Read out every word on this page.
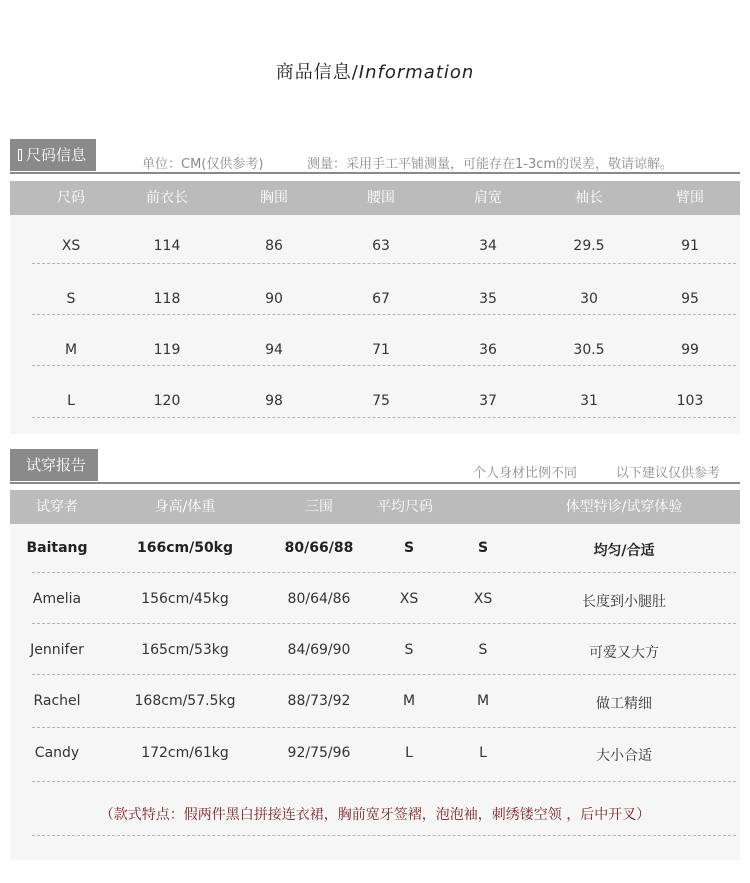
商品信息/Information
尺码信息
单位：CM(仅供参考)	测量：采用手工平铺测量，可能存在1-3cm的误差，敬请谅解。
尺码	前衣长	胸围	腰围	肩宽	袖长	臂围
XS	114	86	63	34	29.5	91
S	118	90	67	35	30	95
M	119	94	71	36	30.5	99
L	120	98	75	37	31	103
试穿报告	个人身材比例不同	以下建议仅供参考
试穿者	身高/体重	三围	平均尺码	体型特诊/试穿体验
Baitang	166cm/50kg	80/66/88	S	S	均匀/合适
Amelia	156cm/45kg	80/64/86	XS	XS	长度到小腿肚
Jennifer	165cm/53kg	84/69/90	S	S	可爱又大方
Rachel	168cm/57.5kg	88/73/92	M	M	做工精细
Candy	172cm/61kg	92/75/96	L	L	大小合适
（款式特点：假两件黑白拼接连衣裙，胸前宽牙签褶，泡泡袖，刺绣镂空领 ，后中开叉）
